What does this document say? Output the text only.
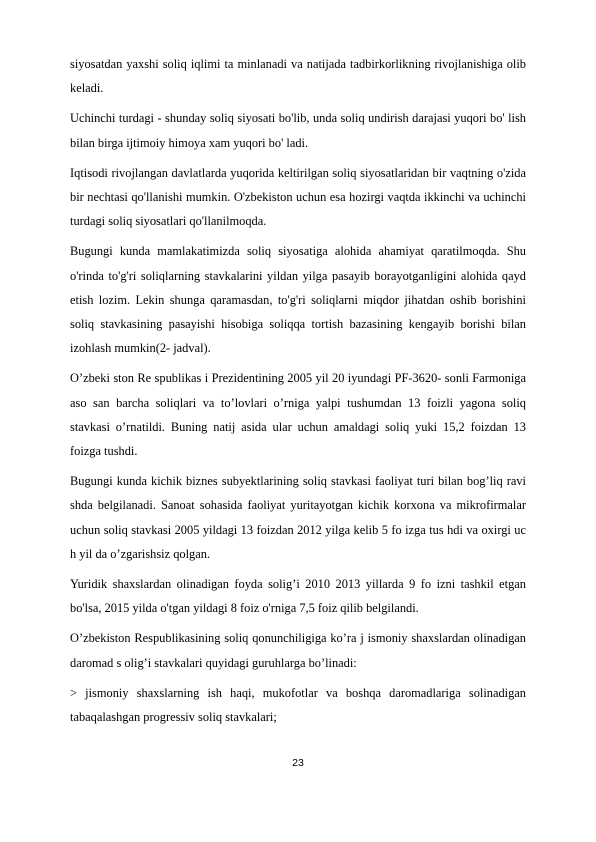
siyosatdan yaxshi soliq iqlimi ta minlanadi va natijada tadbirkorlikning rivojlanishiga olib keladi.

Uchinchi turdagi - shunday soliq siyosati bo'lib, unda soliq undirish darajasi yuqori bo' lish bilan birga ijtimoiy himoya xam yuqori bo' ladi.

Iqtisodi rivojlangan davlatlarda yuqorida keltirilgan soliq siyosatlaridan bir vaqtning o'zida bir nechtasi qo'llanishi mumkin. O'zbekiston uchun esa hozirgi vaqtda ikkinchi va uchinchi turdagi soliq siyosatlari qo'llanilmoqda.

Bugungi kunda mamlakatimizda soliq siyosatiga alohida ahamiyat qaratilmoqda. Shu o'rinda to'g'ri soliqlarning stavkalarini yildan yilga pasayib borayotganligini alohida qayd etish lozim. Lekin shunga qaramasdan, to'g'ri soliqlarni miqdor jihatdan oshib borishini soliq stavkasining pasayishi hisobiga soliqqa tortish bazasining kengayib borishi bilan izohlash mumkin(2- jadval).

O’zbeki ston Re spublikas i Prezidentining 2005 yil 20 iyundagi PF-3620- sonli Farmoniga aso san barcha soliqlari va to’lovlari o’rniga yalpi tushumdan 13 foizli yagona soliq stavkasi o’rnatildi. Buning natij asida ular uchun amaldagi soliq yuki 15,2 foizdan 13 foizga tushdi.

Bugungi kunda kichik biznes subyektlarining soliq stavkasi faoliyat turi bilan bog’liq ravi shda belgilanadi. Sanoat sohasida faoliyat yuritayotgan kichik korxona va mikrofirmalar uchun soliq stavkasi 2005 yildagi 13 foizdan 2012 yilga kelib 5 fo izga tus hdi va oxirgi uc h yil da o’zgarishsiz qolgan.

Yuridik shaxslardan olinadigan foyda solig’i 2010 2013 yillarda 9 fo izni tashkil etgan bo'lsa, 2015 yilda o'tgan yildagi 8 foiz o'rniga 7,5 foiz qilib belgilandi.

O’zbekiston Respublikasining soliq qonunchiligiga ko’ra j ismoniy shaxslardan olinadigan daromad s olig’i stavkalari quyidagi guruhlarga bo’linadi:

> jismoniy shaxslarning ish haqi, mukofotlar va boshqa daromadlariga solinadigan tabaqalashgan progressiv soliq stavkalari;

23
